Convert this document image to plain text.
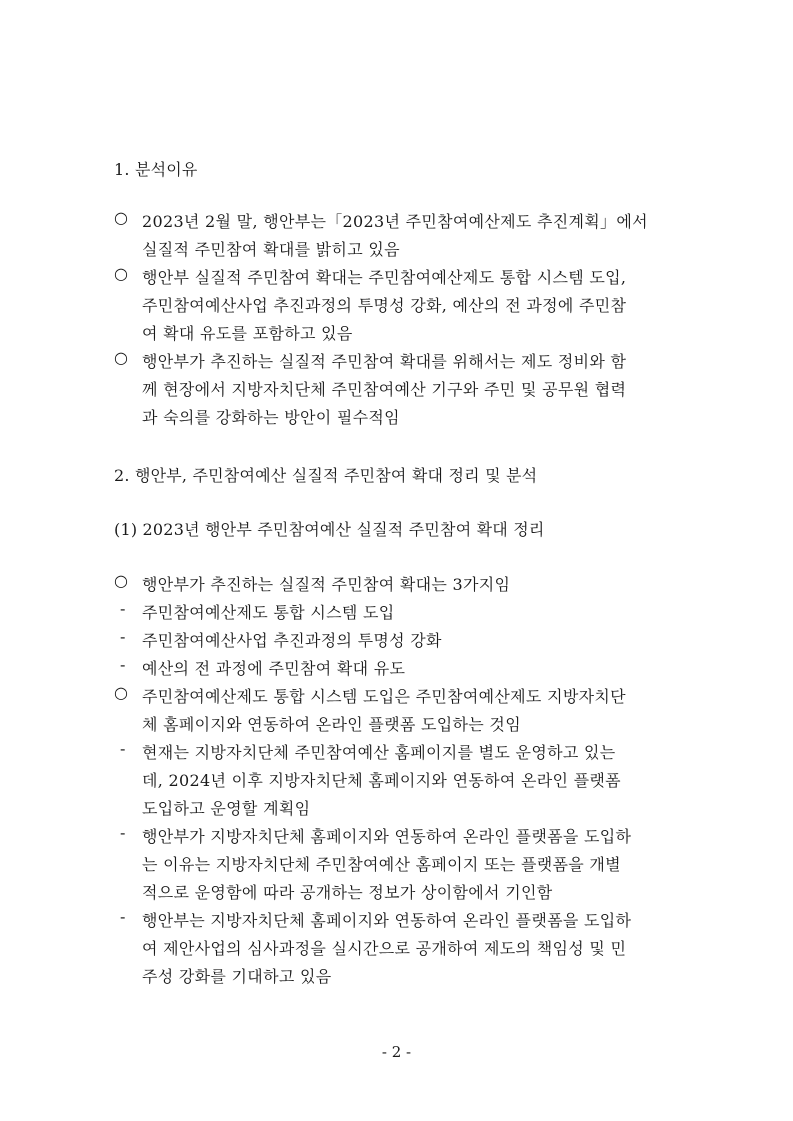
1. 분석이유

○ 2023년 2월 말, 행안부는「2023년 주민참여예산제도 추진계획」에서
실질적 주민참여 확대를 밝히고 있음
○ 행안부 실질적 주민참여 확대는 주민참여예산제도 통합 시스템 도입,
주민참여예산사업 추진과정의 투명성 강화, 예산의 전 과정에 주민참
여 확대 유도를 포함하고 있음
○ 행안부가 추진하는 실질적 주민참여 확대를 위해서는 제도 정비와 함
께 현장에서 지방자치단체 주민참여예산 기구와 주민 및 공무원 협력
과 숙의를 강화하는 방안이 필수적임

2. 행안부, 주민참여예산 실질적 주민참여 확대 정리 및 분석

(1) 2023년 행안부 주민참여예산 실질적 주민참여 확대 정리

○ 행안부가 추진하는 실질적 주민참여 확대는 3가지임
-	주민참여예산제도 통합 시스템 도입
-	주민참여예산사업 추진과정의 투명성 강화
-	예산의 전 과정에 주민참여 확대 유도
○ 주민참여예산제도 통합 시스템 도입은 주민참여예산제도 지방자치단
체 홈페이지와 연동하여 온라인 플랫폼 도입하는 것임
-	현재는 지방자치단체 주민참여예산 홈페이지를 별도 운영하고 있는
데, 2024년 이후 지방자치단체 홈페이지와 연동하여 온라인 플랫폼
도입하고 운영할 계획임
-	행안부가 지방자치단체 홈페이지와 연동하여 온라인 플랫폼을 도입하
는 이유는 지방자치단체 주민참여예산 홈페이지 또는 플랫폼을 개별
적으로 운영함에 따라 공개하는 정보가 상이함에서 기인함
-	행안부는 지방자치단체 홈페이지와 연동하여 온라인 플랫폼을 도입하
여 제안사업의 심사과정을 실시간으로 공개하여 제도의 책임성 및 민
주성 강화를 기대하고 있음

- 2 -
